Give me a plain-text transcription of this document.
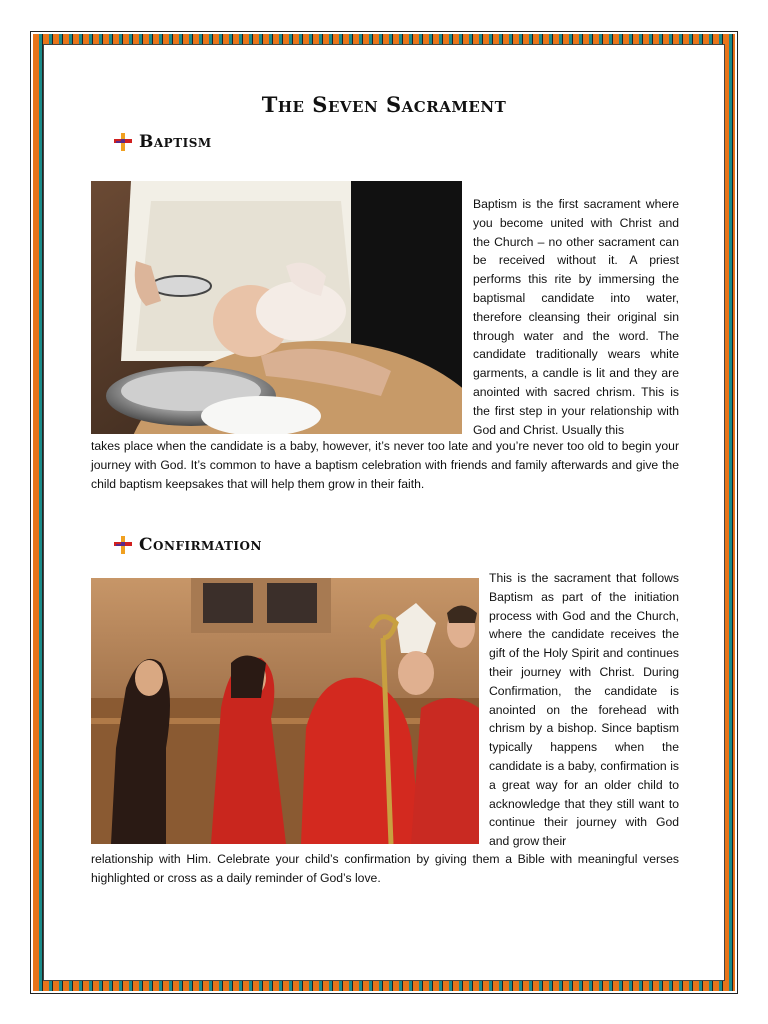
The Seven Sacrament
Baptism

Baptism is the first sacrament where you become united with Christ and the Church – no other sacrament can be received without it. A priest performs this rite by immersing the baptismal candidate into water, therefore cleansing their original sin through water and the word. The candidate traditionally wears white garments, a candle is lit and they are anointed with sacred chrism. This is the first step in your relationship with God and Christ. Usually this

takes place when the candidate is a baby, however, it’s never too late and you’re never too old to begin your journey with God. It’s common to have a baptism celebration with friends and family afterwards and give the child baptism keepsakes that will help them grow in their faith.

Confirmation

This is the sacrament that follows Baptism as part of the initiation process with God and the Church, where the candidate receives the gift of the Holy Spirit and continues their journey with Christ. During Confirmation, the candidate is anointed on the forehead with chrism by a bishop. Since baptism typically happens when the candidate is a baby, confirmation is a great way for an older child to acknowledge that they still want to continue their journey with God and grow their

relationship with Him. Celebrate your child’s confirmation by giving them a Bible with meaningful verses highlighted or cross as a daily reminder of God’s love.
